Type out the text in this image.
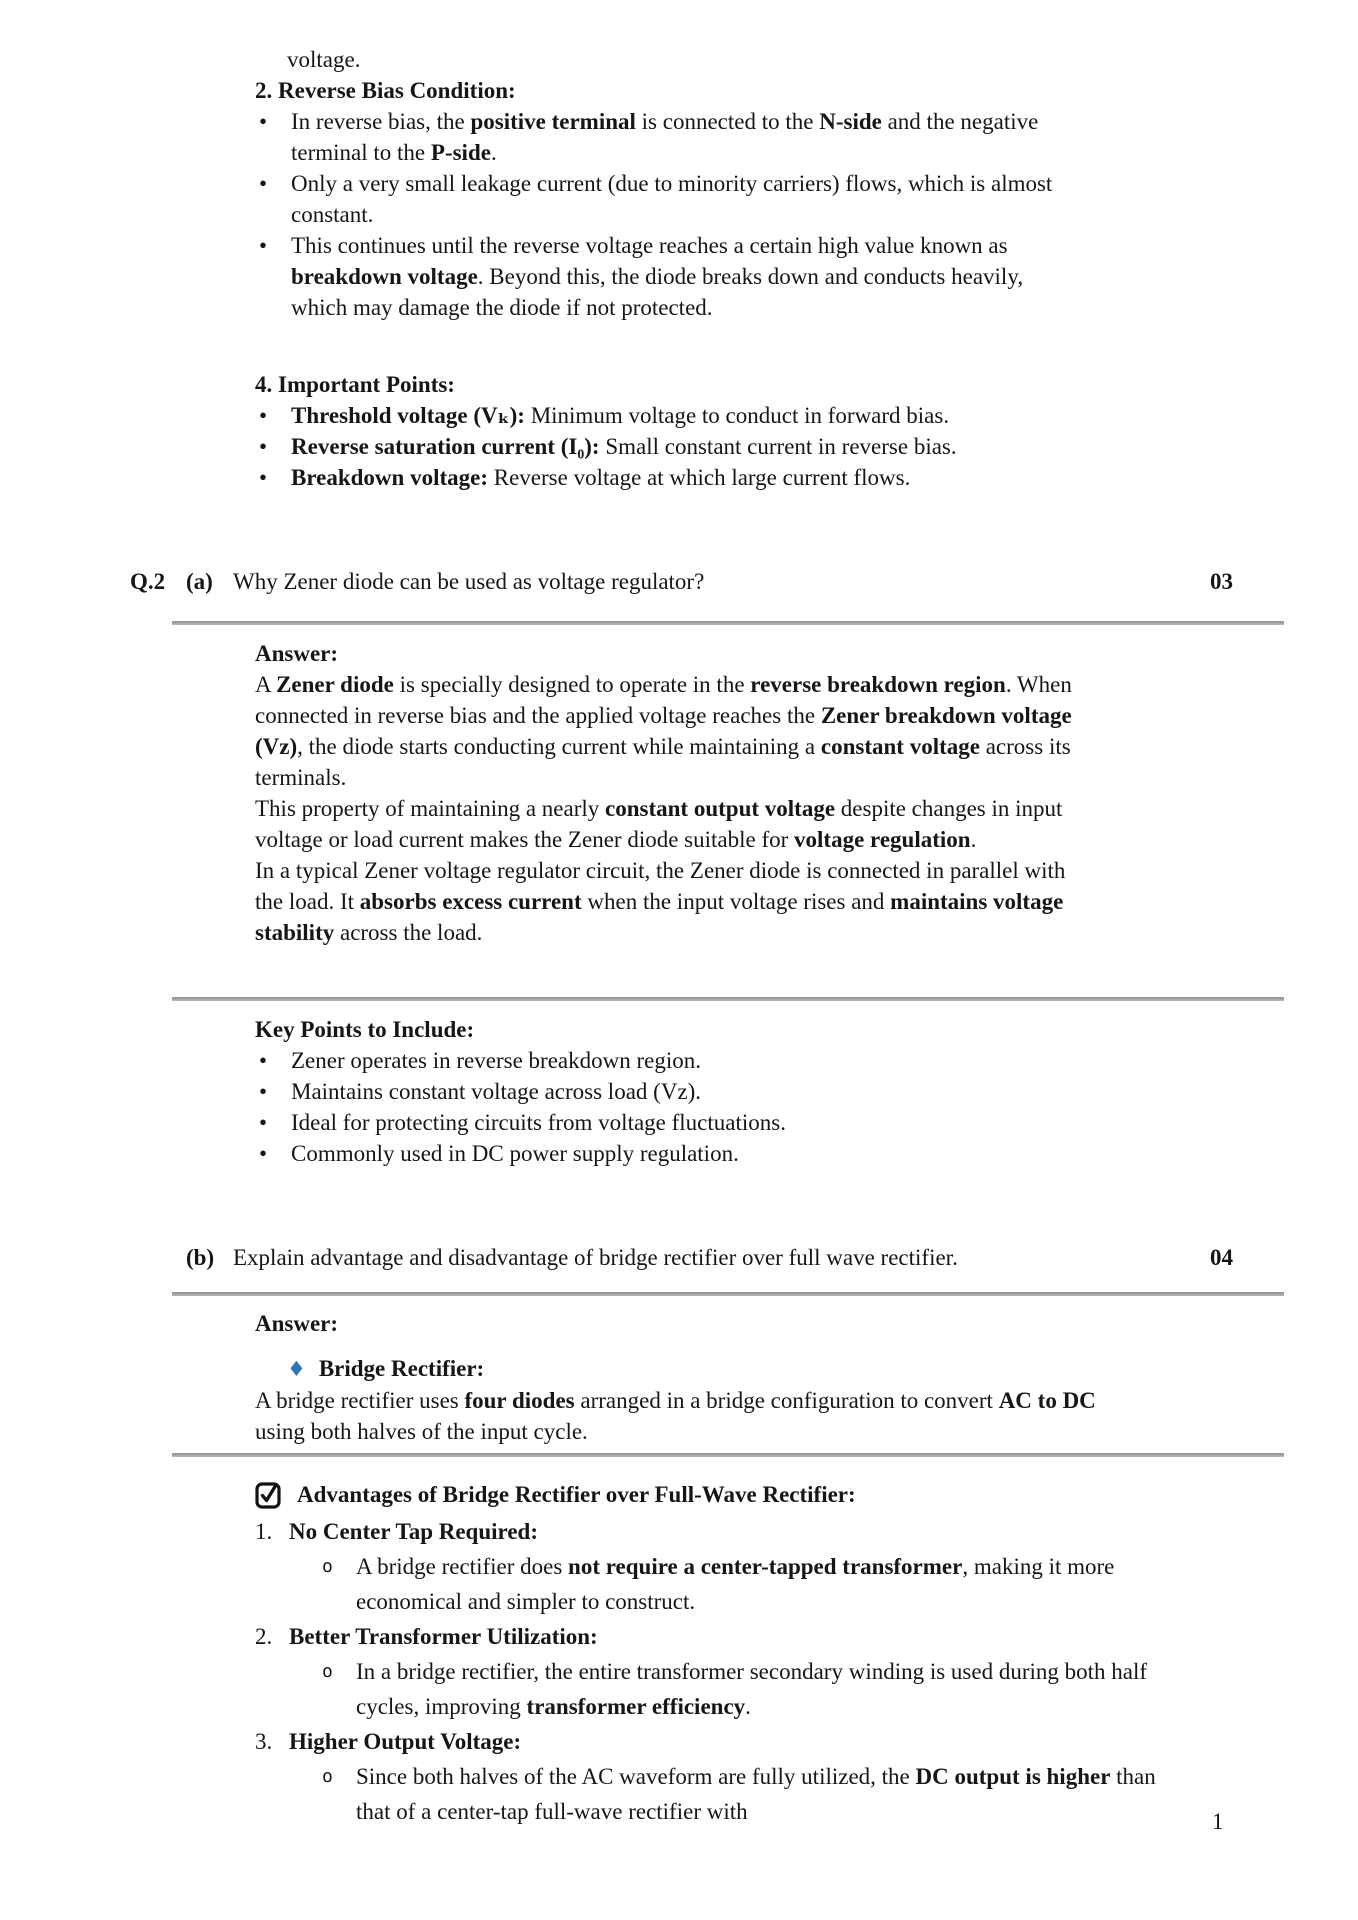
voltage.
2. Reverse Bias Condition:
•	In reverse bias, the positive terminal is connected to the N-side and the negative terminal to the P-side.
•	Only a very small leakage current (due to minority carriers) flows, which is almost constant.
•	This continues until the reverse voltage reaches a certain high value known as breakdown voltage. Beyond this, the diode breaks down and conducts heavily, which may damage the diode if not protected.
4. Important Points:
•	Threshold voltage (Vₖ): Minimum voltage to conduct in forward bias.
•	Reverse saturation current (I₀): Small constant current in reverse bias.
•	Breakdown voltage: Reverse voltage at which large current flows.
Q.2 (a) Why Zener diode can be used as voltage regulator?	03
Answer:

A Zener diode is specially designed to operate in the reverse breakdown region. When connected in reverse bias and the applied voltage reaches the Zener breakdown voltage (Vz), the diode starts conducting current while maintaining a constant voltage across its terminals.

This property of maintaining a nearly constant output voltage despite changes in input voltage or load current makes the Zener diode suitable for voltage regulation.

In a typical Zener voltage regulator circuit, the Zener diode is connected in parallel with the load. It absorbs excess current when the input voltage rises and maintains voltage stability across the load.

Key Points to Include:
•	Zener operates in reverse breakdown region.
•	Maintains constant voltage across load (Vz).
•	Ideal for protecting circuits from voltage fluctuations.
•	Commonly used in DC power supply regulation.
(b) Explain advantage and disadvantage of bridge rectifier over full wave rectifier.	04
Answer:
♦ Bridge Rectifier:

A bridge rectifier uses four diodes arranged in a bridge configuration to convert AC to DC using both halves of the input cycle.

Advantages of Bridge Rectifier over Full-Wave Rectifier:
1. No Center Tap Required:
o	A bridge rectifier does not require a center-tapped transformer, making it more economical and simpler to construct.
2. Better Transformer Utilization:
o	In a bridge rectifier, the entire transformer secondary winding is used during both half cycles, improving transformer efficiency.
3. Higher Output Voltage:
o	Since both halves of the AC waveform are fully utilized, the DC output is higher than that of a center-tap full-wave rectifier with	1
